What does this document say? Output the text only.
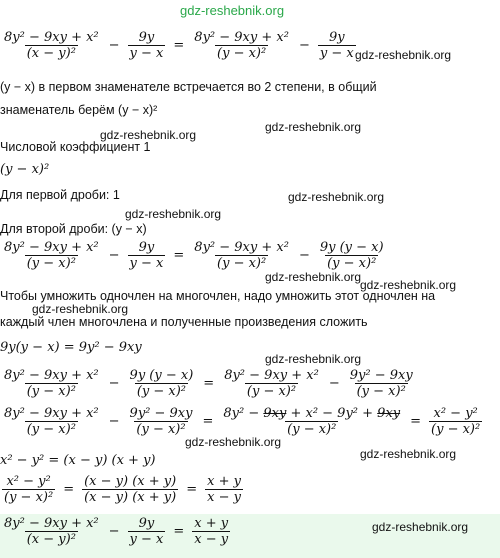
gdz-reshebnik.org
$\frac{\text{8y² − 9xy + x²}}{\text{(x − y)²}} - \frac{9y}{y - x} = \frac{\text{8y² − 9xy + x²}}{\text{(y − x)²}} - \frac{9y}{y - x}$ gdz-reshebnik.org
(y − x) в первом знаменателе встречается во 2 степени, в общий
знаменатель берём (y − x)²
gdz-reshebnik.org
gdz-reshebnik.org
Числовой коэффициент 1
(y − x)²
Для первой дроби: 1	gdz-reshebnik.org
gdz-reshebnik.org
Для второй дроби: (y − x)
$\frac{\text{8y² − 9xy + x²}}{\text{(y − x)²}} - \frac{9y}{y - x} = \frac{\text{8y² − 9xy + x²}}{\text{(y − x)²}} - \frac{9y (y - x)}{\text{(y − x)²}}$
gdz-reshebnik.org
gdz-reshebnik.org
Чтобы умножить одночлен на многочлен, надо умножить этот одночлен на
gdz-reshebnik.org
каждый член многочлена и полученные произведения сложить
9y(y − x) = 9y² − 9xy
gdz-reshebnik.org
$\frac{\text{8y² − 9xy + x²}}{\text{(y − x)²}} - \frac{9y (y - x)}{\text{(y − x)²}} = \frac{\text{8y² − 9xy + x²}}{\text{(y − x)²}} - \frac{\text{9y² − 9xy}}{\text{(y − x)²}}$
$\frac{\text{8y² − 9xy + x²}}{\text{(y − x)²}} - \frac{\text{9y² − 9xy}}{\text{(y − x)²}} = \frac{\text{8y² − 9xy + x² − 9y² + 9xy}}{\text{(y − x)²}} = \frac{\text{x² − y²}}{\text{(y − x)²}}$
gdz-reshebnik.org
gdz-reshebnik.org
x² − y² = (x − y) (x + y)
$\frac{\text{x² − y²}}{\text{(y − x)²}} = \frac{(x - y) (x + y)}{(x - y) (x + y)} = \frac{x + y}{x - y}$
$\frac{\text{8y² − 9xy + x²}}{\text{(x − y)²}} - \frac{9y}{y - x} = \frac{x + y}{x - y}$	gdz-reshebnik.org
